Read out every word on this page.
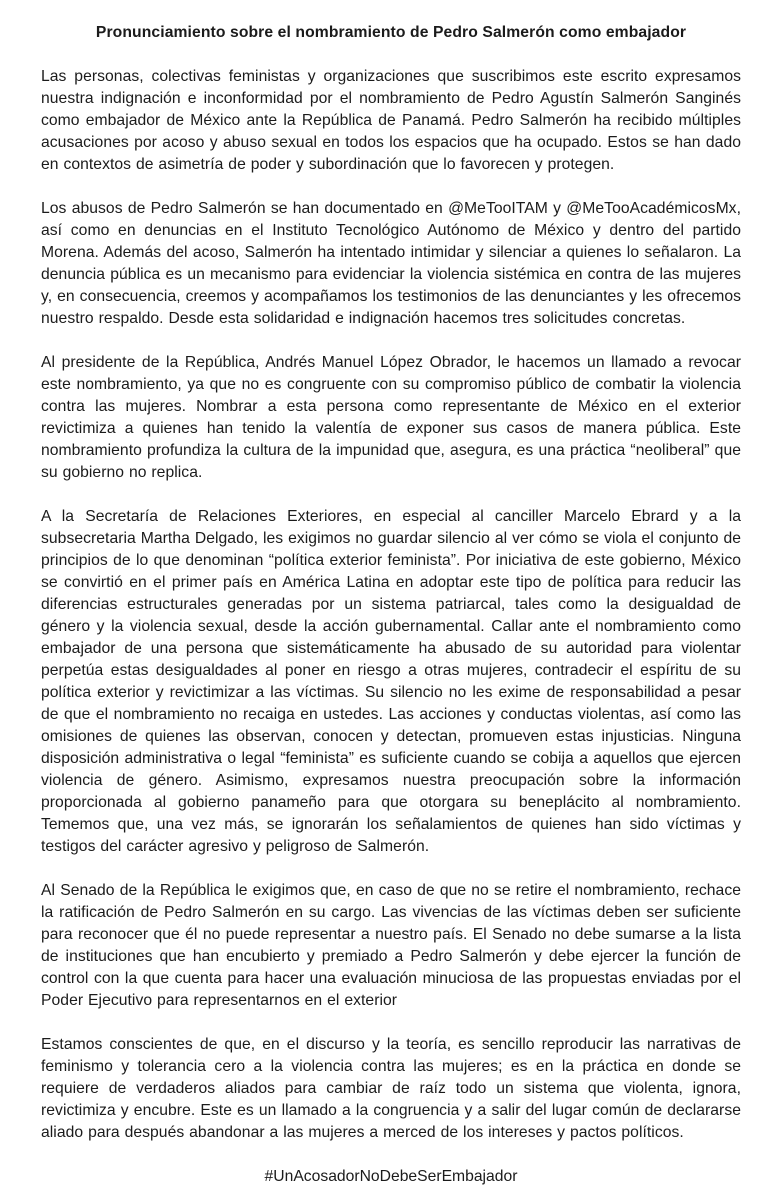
Pronunciamiento sobre el nombramiento de Pedro Salmerón como embajador

Las personas, colectivas feministas y organizaciones que suscribimos este escrito expresamos nuestra indignación e inconformidad por el nombramiento de Pedro Agustín Salmerón Sanginés como embajador de México ante la República de Panamá. Pedro Salmerón ha recibido múltiples acusaciones por acoso y abuso sexual en todos los espacios que ha ocupado. Estos se han dado en contextos de asimetría de poder y subordinación que lo favorecen y protegen.

Los abusos de Pedro Salmerón se han documentado en @MeTooITAM y @MeTooAcadémicosMx, así como en denuncias en el Instituto Tecnológico Autónomo de México y dentro del partido Morena. Además del acoso, Salmerón ha intentado intimidar y silenciar a quienes lo señalaron. La denuncia pública es un mecanismo para evidenciar la violencia sistémica en contra de las mujeres y, en consecuencia, creemos y acompañamos los testimonios de las denunciantes y les ofrecemos nuestro respaldo. Desde esta solidaridad e indignación hacemos tres solicitudes concretas.

Al presidente de la República, Andrés Manuel López Obrador, le hacemos un llamado a revocar este nombramiento, ya que no es congruente con su compromiso público de combatir la violencia contra las mujeres. Nombrar a esta persona como representante de México en el exterior revictimiza a quienes han tenido la valentía de exponer sus casos de manera pública. Este nombramiento profundiza la cultura de la impunidad que, asegura, es una práctica “neoliberal” que su gobierno no replica.

A la Secretaría de Relaciones Exteriores, en especial al canciller Marcelo Ebrard y a la subsecretaria Martha Delgado, les exigimos no guardar silencio al ver cómo se viola el conjunto de principios de lo que denominan “política exterior feminista”. Por iniciativa de este gobierno, México se convirtió en el primer país en América Latina en adoptar este tipo de política para reducir las diferencias estructurales generadas por un sistema patriarcal, tales como la desigualdad de género y la violencia sexual, desde la acción gubernamental. Callar ante el nombramiento como embajador de una persona que sistemáticamente ha abusado de su autoridad para violentar perpetúa estas desigualdades al poner en riesgo a otras mujeres, contradecir el espíritu de su política exterior y revictimizar a las víctimas. Su silencio no les exime de responsabilidad a pesar de que el nombramiento no recaiga en ustedes. Las acciones y conductas violentas, así como las omisiones de quienes las observan, conocen y detectan, promueven estas injusticias. Ninguna disposición administrativa o legal “feminista” es suficiente cuando se cobija a aquellos que ejercen violencia de género. Asimismo, expresamos nuestra preocupación sobre la información proporcionada al gobierno panameño para que otorgara su beneplácito al nombramiento. Tememos que, una vez más, se ignorarán los señalamientos de quienes han sido víctimas y testigos del carácter agresivo y peligroso de Salmerón.

Al Senado de la República le exigimos que, en caso de que no se retire el nombramiento, rechace la ratificación de Pedro Salmerón en su cargo. Las vivencias de las víctimas deben ser suficiente para reconocer que él no puede representar a nuestro país. El Senado no debe sumarse a la lista de instituciones que han encubierto y premiado a Pedro Salmerón y debe ejercer la función de control con la que cuenta para hacer una evaluación minuciosa de las propuestas enviadas por el Poder Ejecutivo para representarnos en el exterior

Estamos conscientes de que, en el discurso y la teoría, es sencillo reproducir las narrativas de feminismo y tolerancia cero a la violencia contra las mujeres; es en la práctica en donde se requiere de verdaderos aliados para cambiar de raíz todo un sistema que violenta, ignora, revictimiza y encubre. Este es un llamado a la congruencia y a salir del lugar común de declararse aliado para después abandonar a las mujeres a merced de los intereses y pactos políticos.

#UnAcosadorNoDebeSerEmbajador
